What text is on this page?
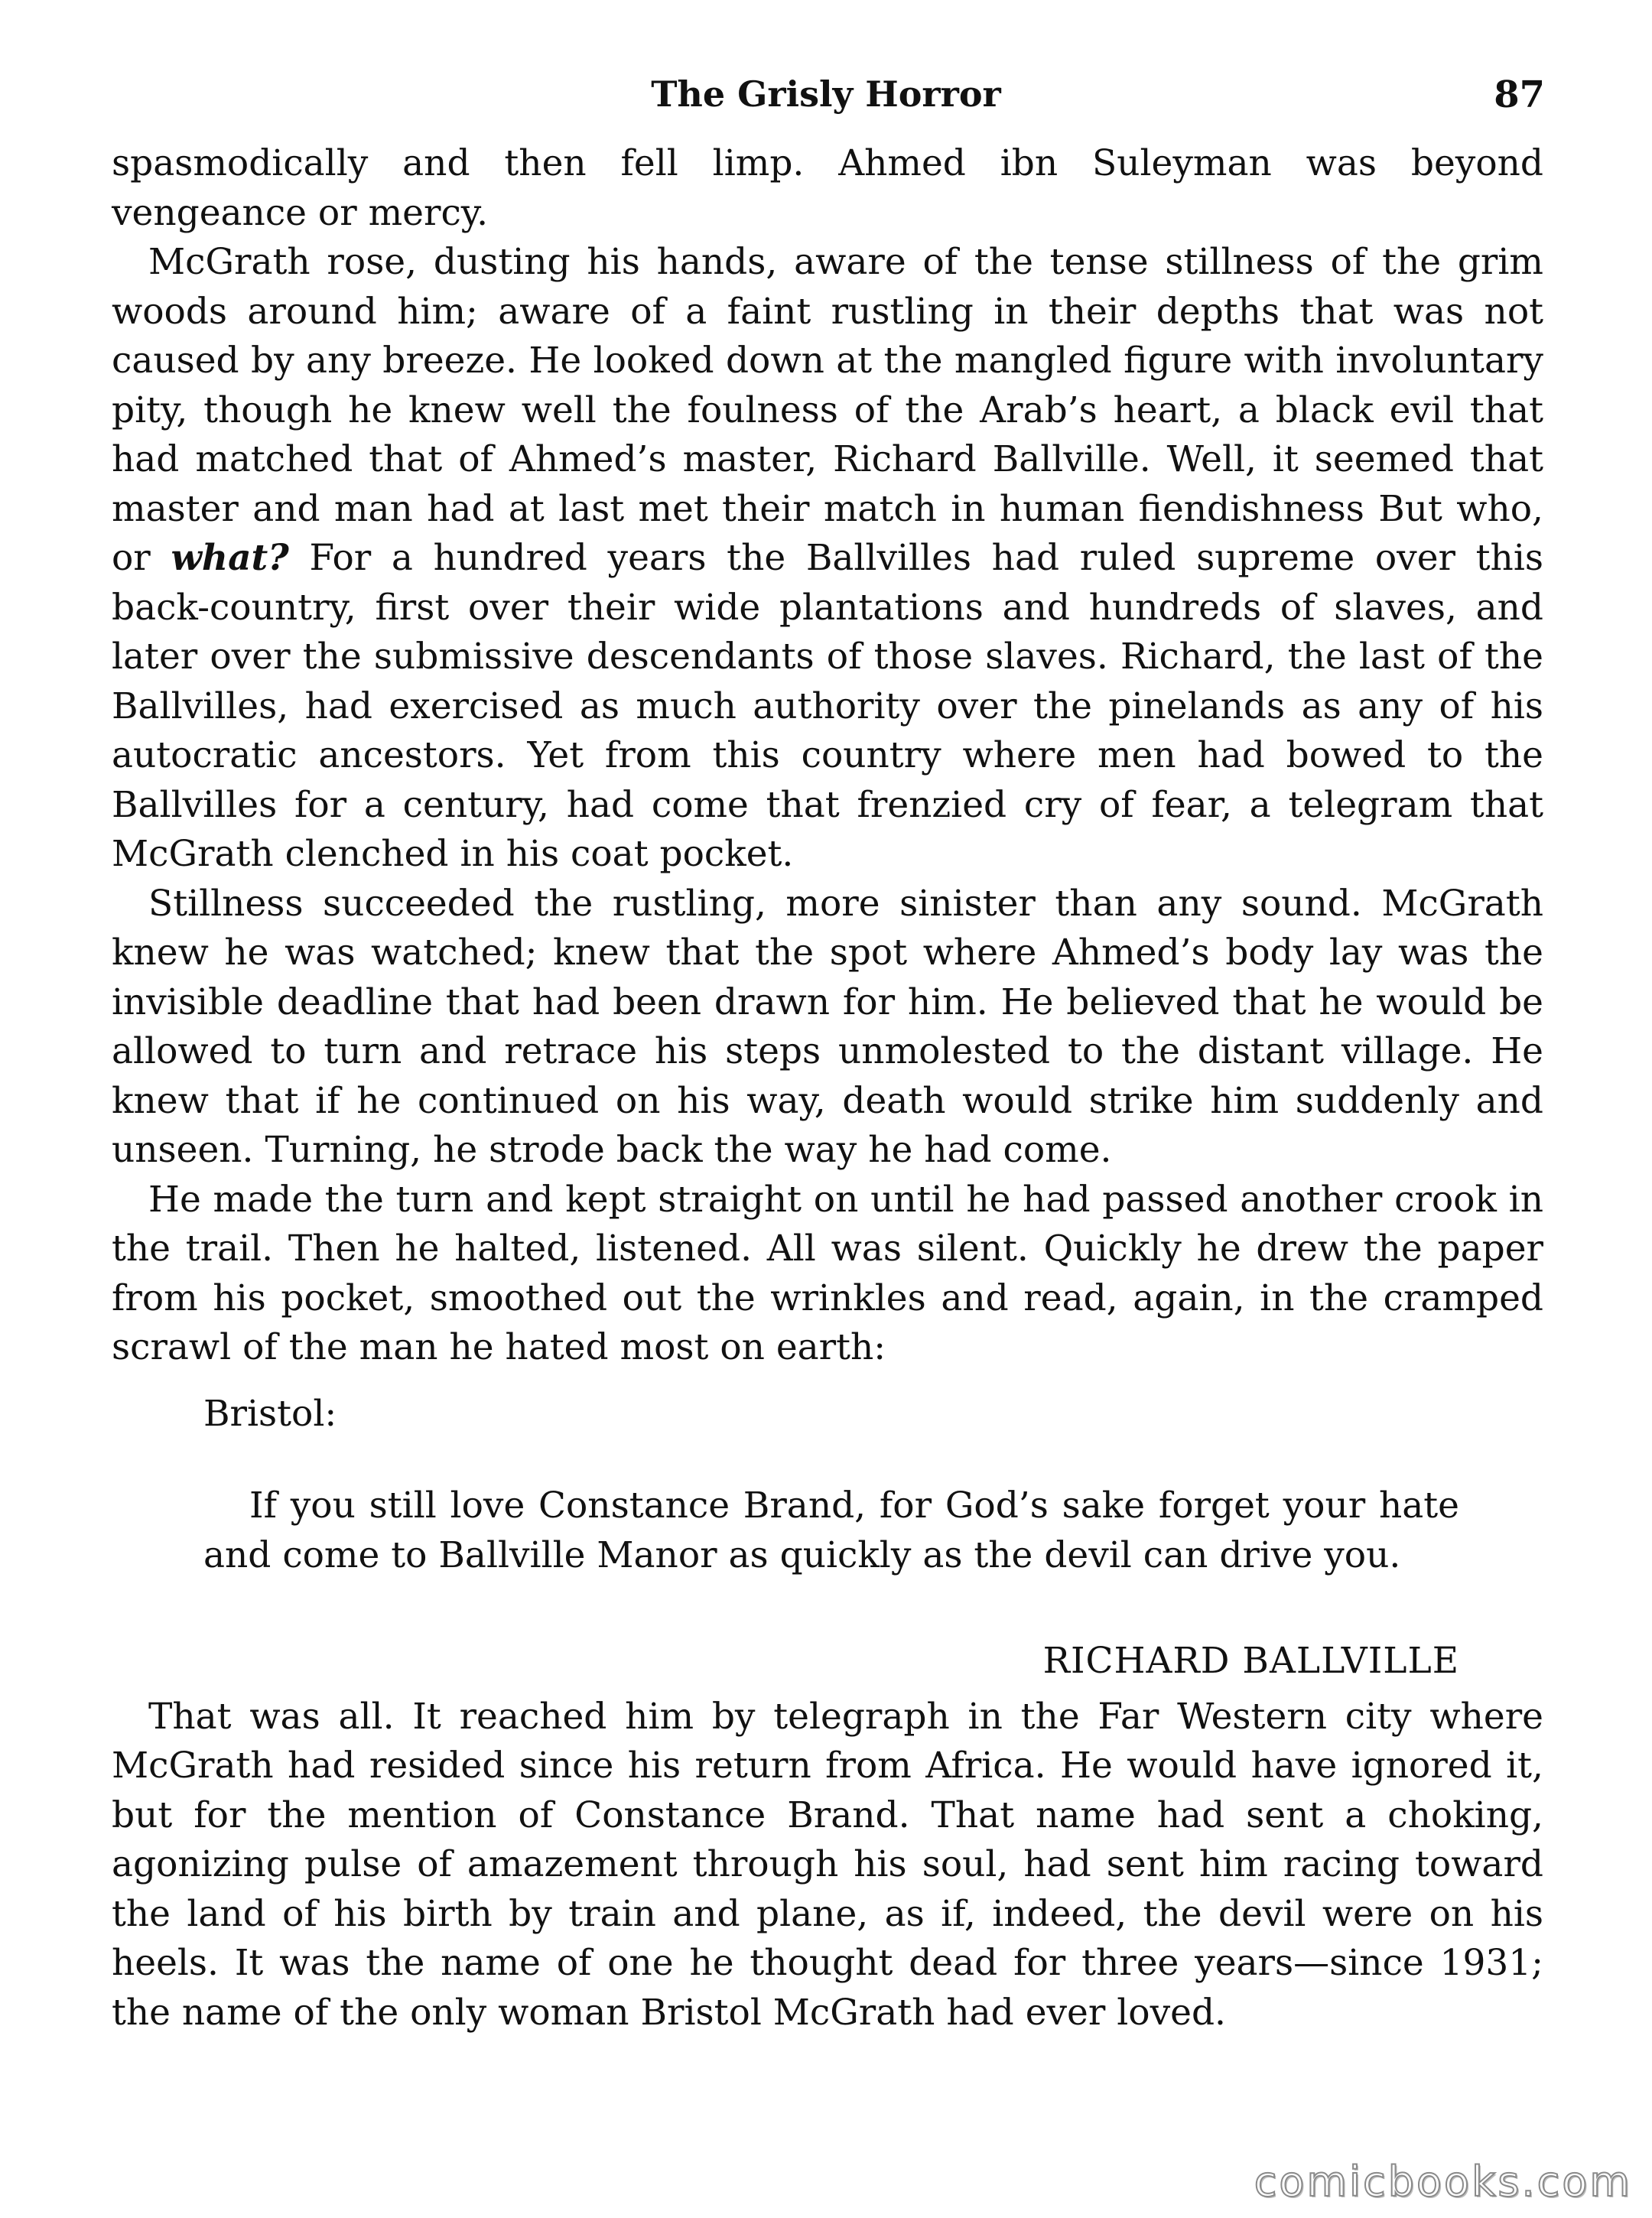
The Grisly Horror	87

spasmodically and then fell limp. Ahmed ibn Suleyman was beyond vengeance or mercy.

McGrath rose, dusting his hands, aware of the tense stillness of the grim woods around him; aware of a faint rustling in their depths that was not caused by any breeze. He looked down at the mangled figure with involuntary pity, though he knew well the foulness of the Arab’s heart, a black evil that had matched that of Ahmed’s master, Richard Ballville. Well, it seemed that master and man had at last met their match in human fiendishness But who, or what? For a hundred years the Ballvilles had ruled supreme over this back-country, first over their wide plantations and hundreds of slaves, and later over the submissive descendants of those slaves. Richard, the last of the Ballvilles, had exercised as much authority over the pinelands as any of his autocratic ancestors. Yet from this country where men had bowed to the Ballvilles for a century, had come that frenzied cry of fear, a telegram that McGrath clenched in his coat pocket.

Stillness succeeded the rustling, more sinister than any sound. McGrath knew he was watched; knew that the spot where Ahmed’s body lay was the invisible deadline that had been drawn for him. He believed that he would be allowed to turn and retrace his steps unmolested to the distant village. He knew that if he continued on his way, death would strike him suddenly and unseen. Turning, he strode back the way he had come.

He made the turn and kept straight on until he had passed another crook in the trail. Then he halted, listened. All was silent. Quickly he drew the paper from his pocket, smoothed out the wrinkles and read, again, in the cramped scrawl of the man he hated most on earth:

Bristol:
If you still love Constance Brand, for God’s sake forget your hate and come to Ballville Manor as quickly as the devil can drive you.
RICHARD BALLVILLE

That was all. It reached him by telegraph in the Far Western city where McGrath had resided since his return from Africa. He would have ignored it, but for the mention of Constance Brand. That name had sent a choking, agonizing pulse of amazement through his soul, had sent him racing toward the land of his birth by train and plane, as if, indeed, the devil were on his heels. It was the name of one he thought dead for three years—since 1931; the name of the only woman Bristol McGrath had ever loved.

comicbooks.com
